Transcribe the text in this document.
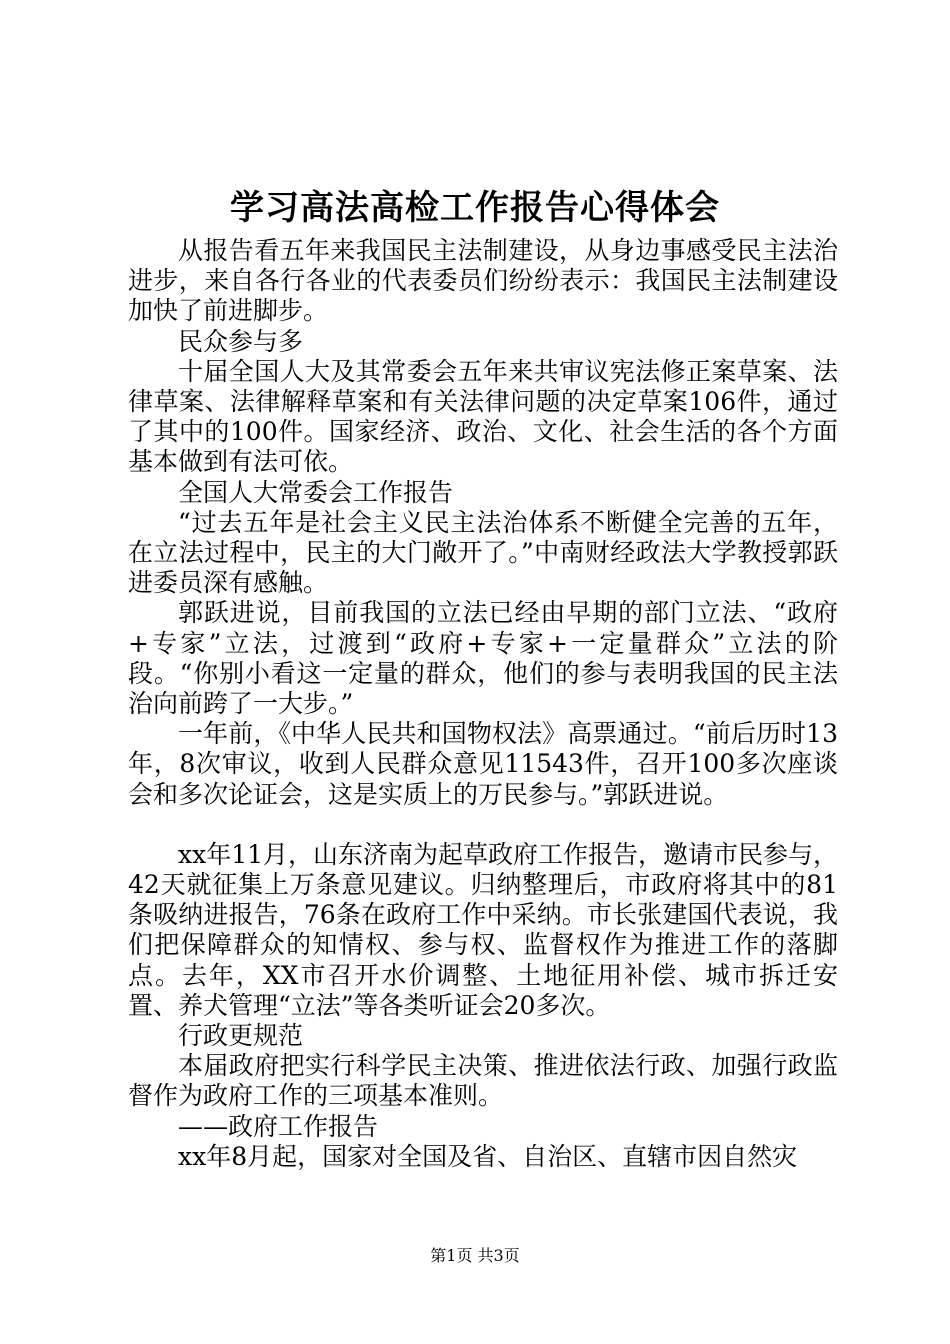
学习高法高检工作报告心得体会

从报告看五年来我国民主法制建设，从身边事感受民主法治进步，来自各行各业的代表委员们纷纷表示：我国民主法制建设加快了前进脚步。

民众参与多

十届全国人大及其常委会五年来共审议宪法修正案草案、法律草案、法律解释草案和有关法律问题的决定草案106件，通过了其中的100件。国家经济、政治、文化、社会生活的各个方面基本做到有法可依。

全国人大常委会工作报告

“过去五年是社会主义民主法治体系不断健全完善的五年，在立法过程中，民主的大门敞开了。”中南财经政法大学教授郭跃进委员深有感触。

郭跃进说，目前我国的立法已经由早期的部门立法、“政府+专家”立法，过渡到“政府+专家+一定量群众”立法的阶段。“你别小看这一定量的群众，他们的参与表明我国的民主法治向前跨了一大步。”

一年前，《中华人民共和国物权法》高票通过。“前后历时13年，8次审议，收到人民群众意见11543件，召开100多次座谈会和多次论证会，这是实质上的万民参与。”郭跃进说。

xx年11月，山东济南为起草政府工作报告，邀请市民参与，42天就征集上万条意见建议。归纳整理后，市政府将其中的81条吸纳进报告，76条在政府工作中采纳。市长张建国代表说，我们把保障群众的知情权、参与权、监督权作为推进工作的落脚点。去年，XX市召开水价调整、土地征用补偿、城市拆迁安置、养犬管理“立法”等各类听证会20多次。

行政更规范

本届政府把实行科学民主决策、推进依法行政、加强行政监督作为政府工作的三项基本准则。

——政府工作报告

xx年8月起，国家对全国及省、自治区、直辖市因自然灾

第1页 共3页
